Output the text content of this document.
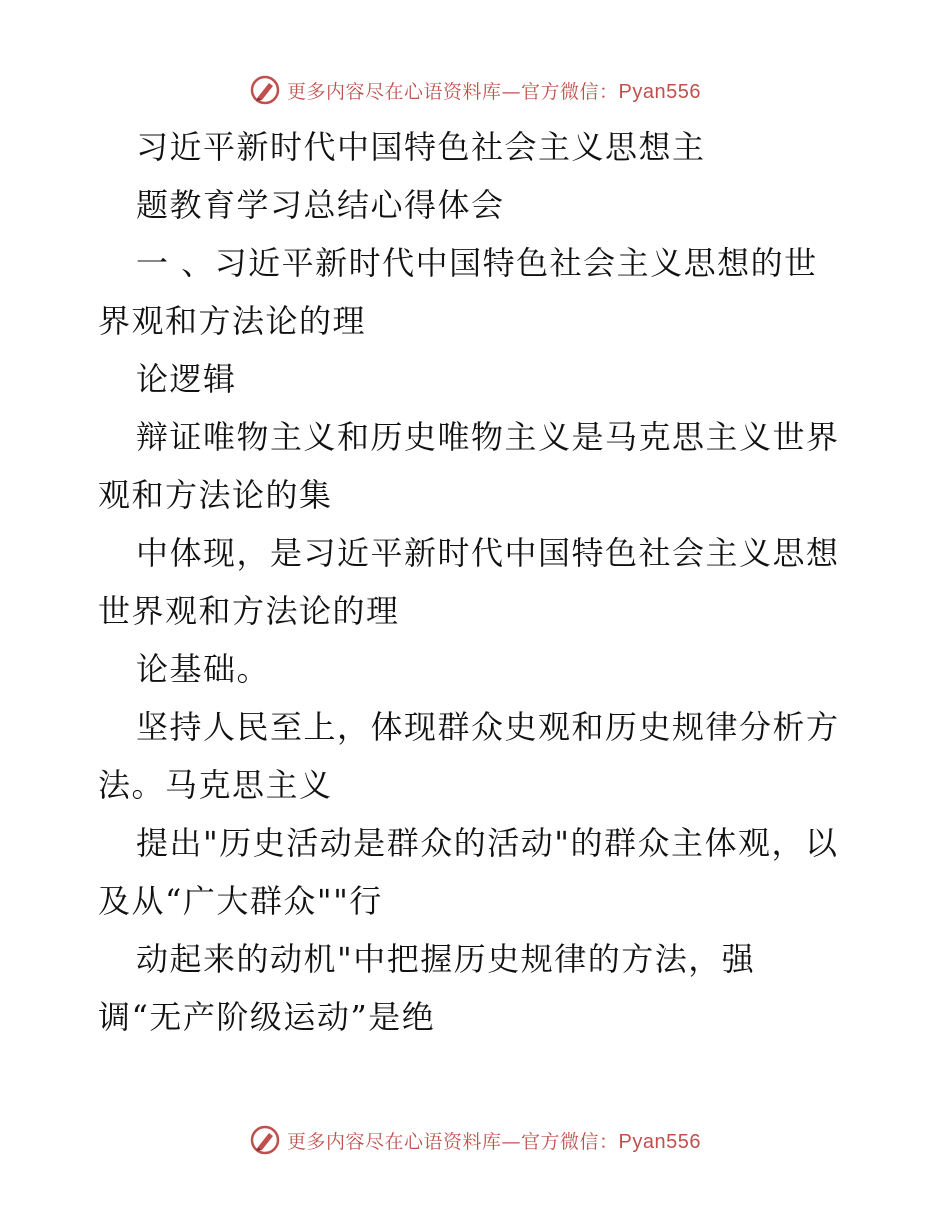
更多内容尽在心语资料库—官方微信：Pyan556
习近平新时代中国特色社会主义思想主
题教育学习总结心得体会
一 、习近平新时代中国特色社会主义思想的世
界观和方法论的理
论逻辑
辩证唯物主义和历史唯物主义是马克思主义世界
观和方法论的集
中体现，是习近平新时代中国特色社会主义思想
世界观和方法论的理
论基础。
坚持人民至上，体现群众史观和历史规律分析方
法。马克思主义
提出"历史活动是群众的活动"的群众主体观，以
及从“广大群众""行
动起来的动机"中把握历史规律的方法，强
调“无产阶级运动”是绝
更多内容尽在心语资料库—官方微信：Pyan556
